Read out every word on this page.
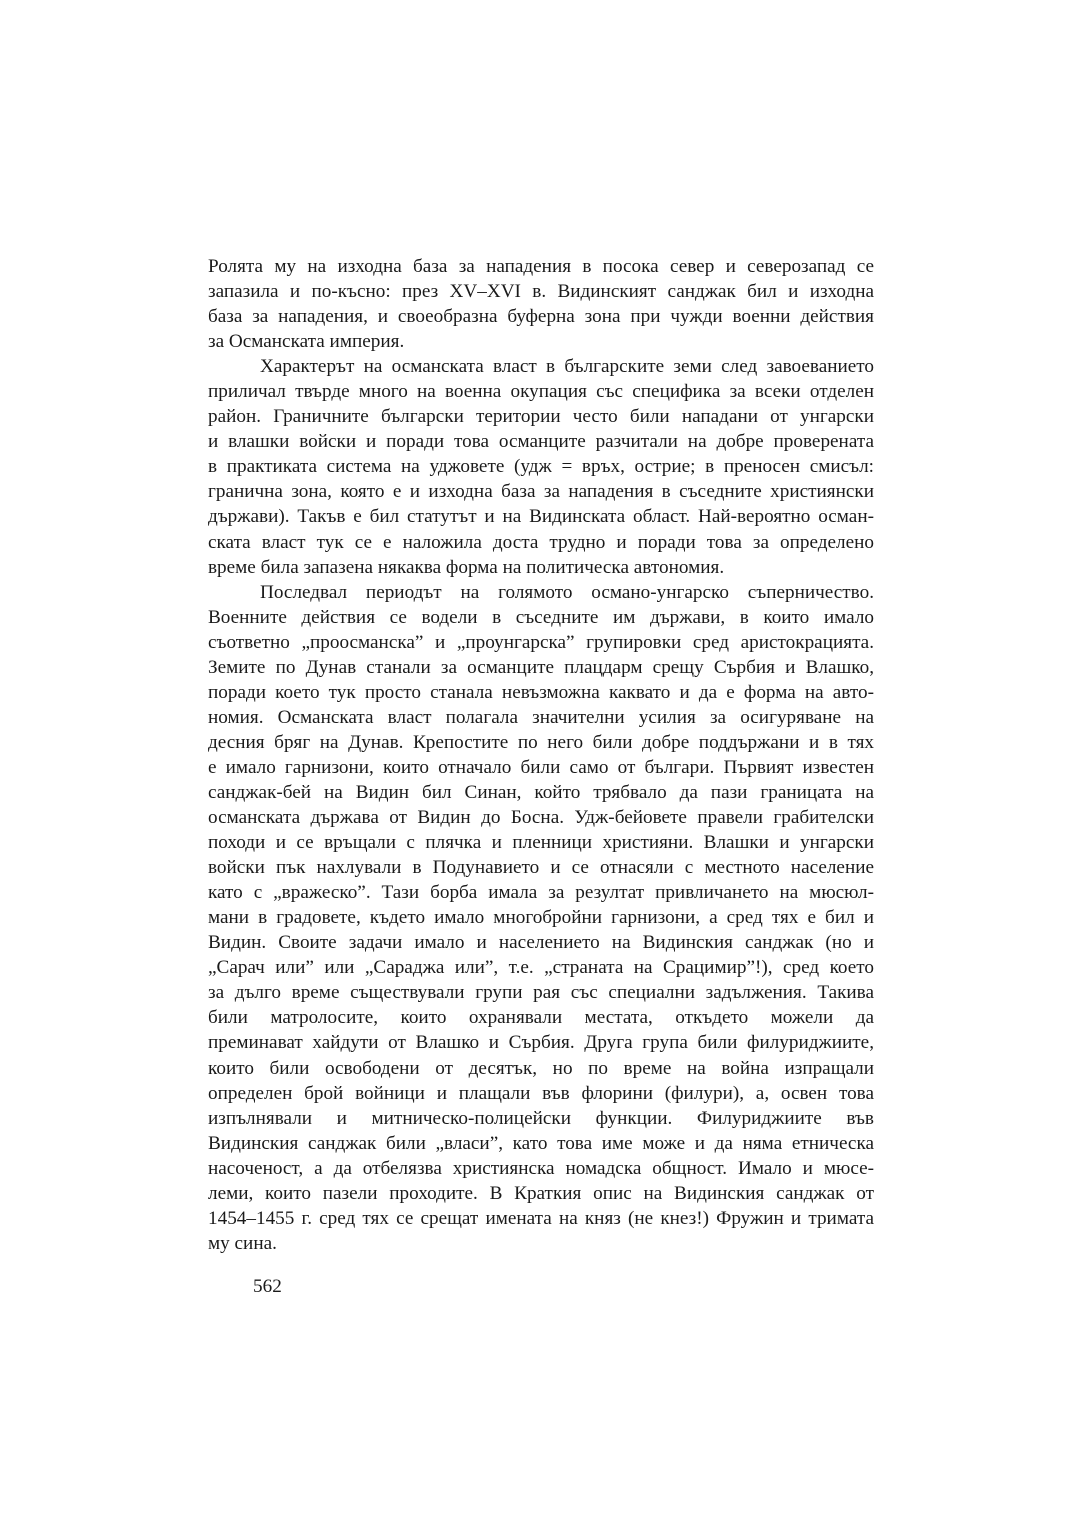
Ролята му на изходна база за нападения в посока север и северозапад се
запазила и по-късно: през XV–XVI в. Видинският санджак бил и изходна
база за нападения, и своеобразна буферна зона при чужди военни действия
за Османската империя.
Характерът на османската власт в българските земи след завоеванието
приличал твърде много на военна окупация със специфика за всеки отделен
район. Граничните български територии често били нападани от унгарски
и влашки войски и поради това османците разчитали на добре проверената
в практиката система на уджовете (удж = връх, острие; в преносен смисъл:
гранична зона, която е и изходна база за нападения в съседните християнски
държави). Такъв е бил статутът и на Видинската област. Най-вероятно осман-
ската власт тук се е наложила доста трудно и поради това за определено
време била запазена някаква форма на политическа автономия.
Последвал периодът на голямото османо-унгарско съперничество.
Военните действия се водели в съседните им държави, в които имало
съответно „проосманска” и „проунгарска” групировки сред аристокрацията.
Земите по Дунав станали за османците плацдарм срещу Сърбия и Влашко,
поради което тук просто станала невъзможна каквато и да е форма на авто-
номия. Османската власт полагала значителни усилия за осигуряване на
десния бряг на Дунав. Крепостите по него били добре поддържани и в тях
е имало гарнизони, които отначало били само от българи. Първият известен
санджак-бей на Видин бил Синан, който трябвало да пази границата на
османската държава от Видин до Босна. Удж-бейовете правели грабителски
походи и се връщали с плячка и пленници християни. Влашки и унгарски
войски пък нахлували в Подунавието и се отнасяли с местното население
като с „вражеско”. Тази борба имала за резултат привличането на мюсюл-
мани в градовете, където имало многобройни гарнизони, а сред тях е бил и
Видин. Своите задачи имало и населението на Видинския санджак (но и
„Сарач или” или „Сараджа или”, т.е. „страната на Срацимир”!), сред което
за дълго време съществували групи рая със специални задължения. Такива
били матролосите, които охранявали местата, откъдето можели да
преминават хайдути от Влашко и Сърбия. Друга група били филуриджиите,
които били освободени от десятък, но по време на война изпращали
определен брой войници и плащали във флорини (филури), а, освен това
изпълнявали и митническо-полицейски функции. Филуриджиите във
Видинския санджак били „власи”, като това име може и да няма етническа
насоченост, а да отбелязва християнска номадска общност. Имало и мюсе-
леми, които пазели проходите. В Краткия опис на Видинския санджак от
1454–1455 г. сред тях се срещат имената на княз (не кнез!) Фружин и тримата
му сина.
562
